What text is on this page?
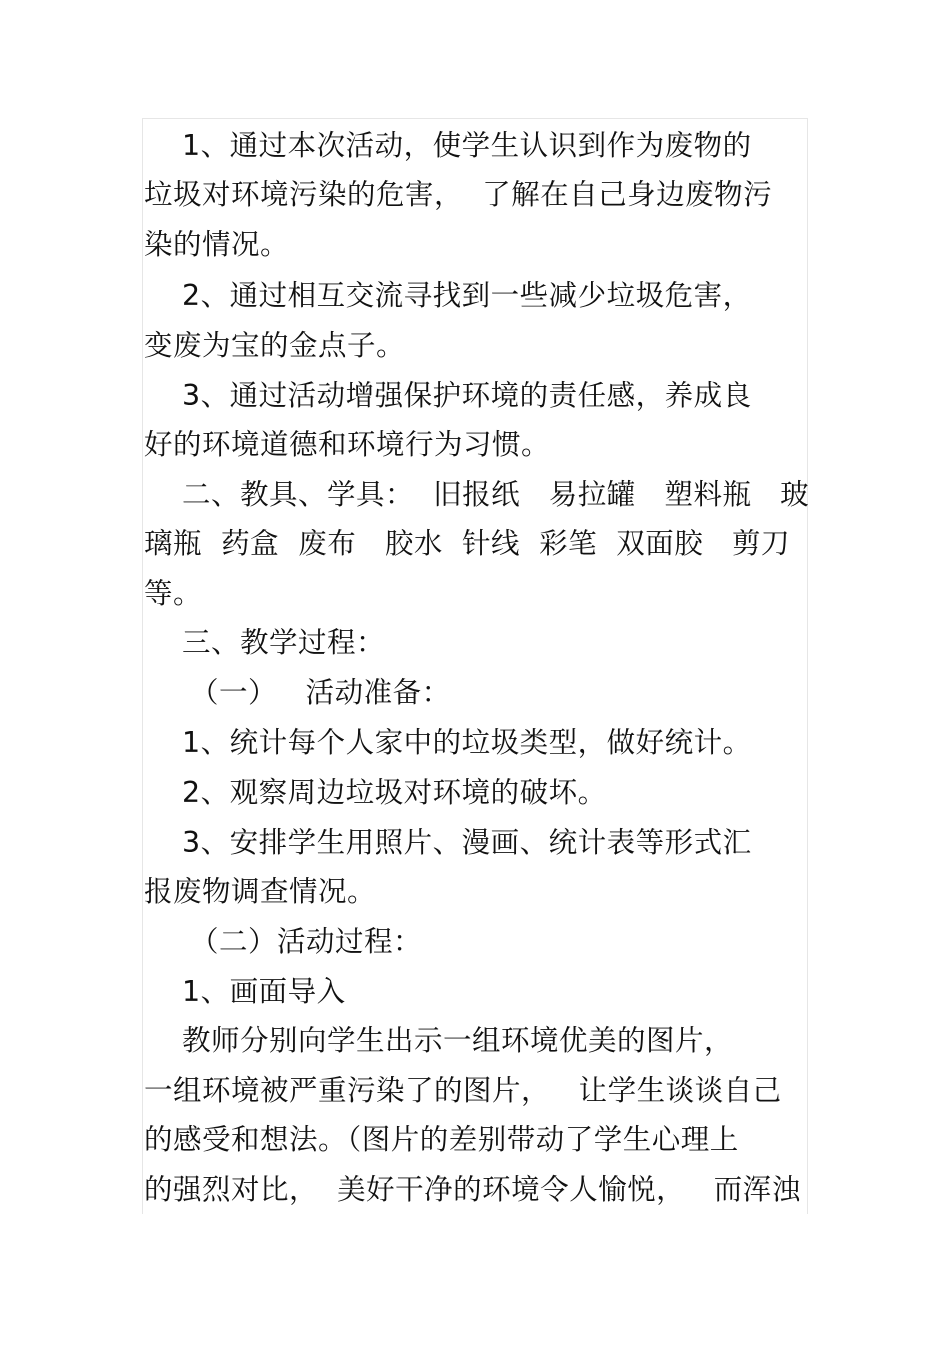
1、通过本次活动，使学生认识到作为废物的
垃圾对环境污染的危害，  了解在自己身边废物污
染的情况。
2、通过相互交流寻找到一些减少垃圾危害，
变废为宝的金点子。
3、通过活动增强保护环境的责任感，养成良
好的环境道德和环境行为习惯。
二、教具、学具：  旧报纸   易拉罐   塑料瓶   玻
璃瓶  药盒  废布   胶水  针线  彩笔  双面胶   剪刀
等。
三、教学过程：
（一）   活动准备：
1、统计每个人家中的垃圾类型，做好统计。
2、观察周边垃圾对环境的破坏。
3、安排学生用照片、漫画、统计表等形式汇
报废物调查情况。
（二）活动过程：
1、画面导入
教师分别向学生出示一组环境优美的图片，
一组环境被严重污染了的图片，   让学生谈谈自己
的感受和想法。（图片的差别带动了学生心理上
的强烈对比，  美好干净的环境令人愉悦，   而浑浊
